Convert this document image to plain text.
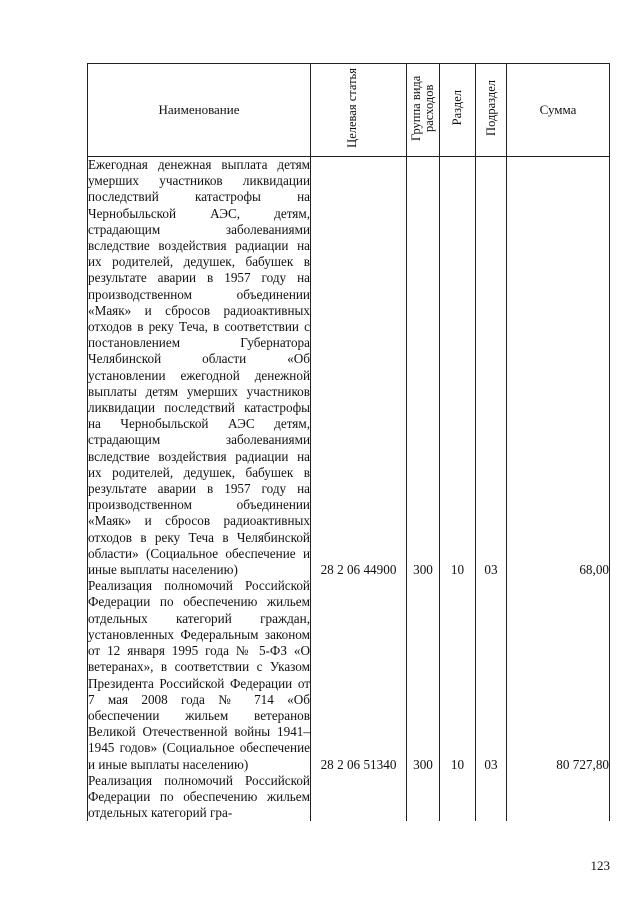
Наименование	Целевая статья	Группа вида расходов	Раздел	Подраздел	Сумма
Ежегодная денежная выплата детям умерших участников ликвидации последствий катастрофы на Чернобыльской АЭС, детям, страдающим заболеваниями вследствие воздействия радиации на их родителей, дедушек, бабушек в результате аварии в 1957 году на производственном объединении «Маяк» и сбросов радиоактивных отходов в реку Теча, в соответствии с постановлением Губернатора Челябинской области «Об установлении ежегодной денежной выплаты детям умерших участников ликвидации последствий катастрофы на Чернобыльской АЭС детям, страдающим заболеваниями вследствие воздействия радиации на их родителей, дедушек, бабушек в результате аварии в 1957 году на производственном объединении «Маяк» и сбросов радиоактивных отходов в реку Теча в Челябинской области» (Социальное обеспечение и иные выплаты населению)	28 2 06 44900	300	10	03	68,00

Реализация полномочий Российской Федерации по обеспечению жильем отдельных категорий граждан, установленных Федеральным законом от 12 января 1995 года № 5-ФЗ «О ветеранах», в соответствии с Указом Президента Российской Федерации от 7 мая 2008 года № 714 «Об обеспечении жильем ветеранов Великой Отечественной войны 1941–1945 годов» (Социальное обеспечение и иные выплаты населению)	28 2 06 51340	300	10	03	80 727,80

Реализация полномочий Российской Федерации по обеспечению жильем отдельных категорий гра-	

123
